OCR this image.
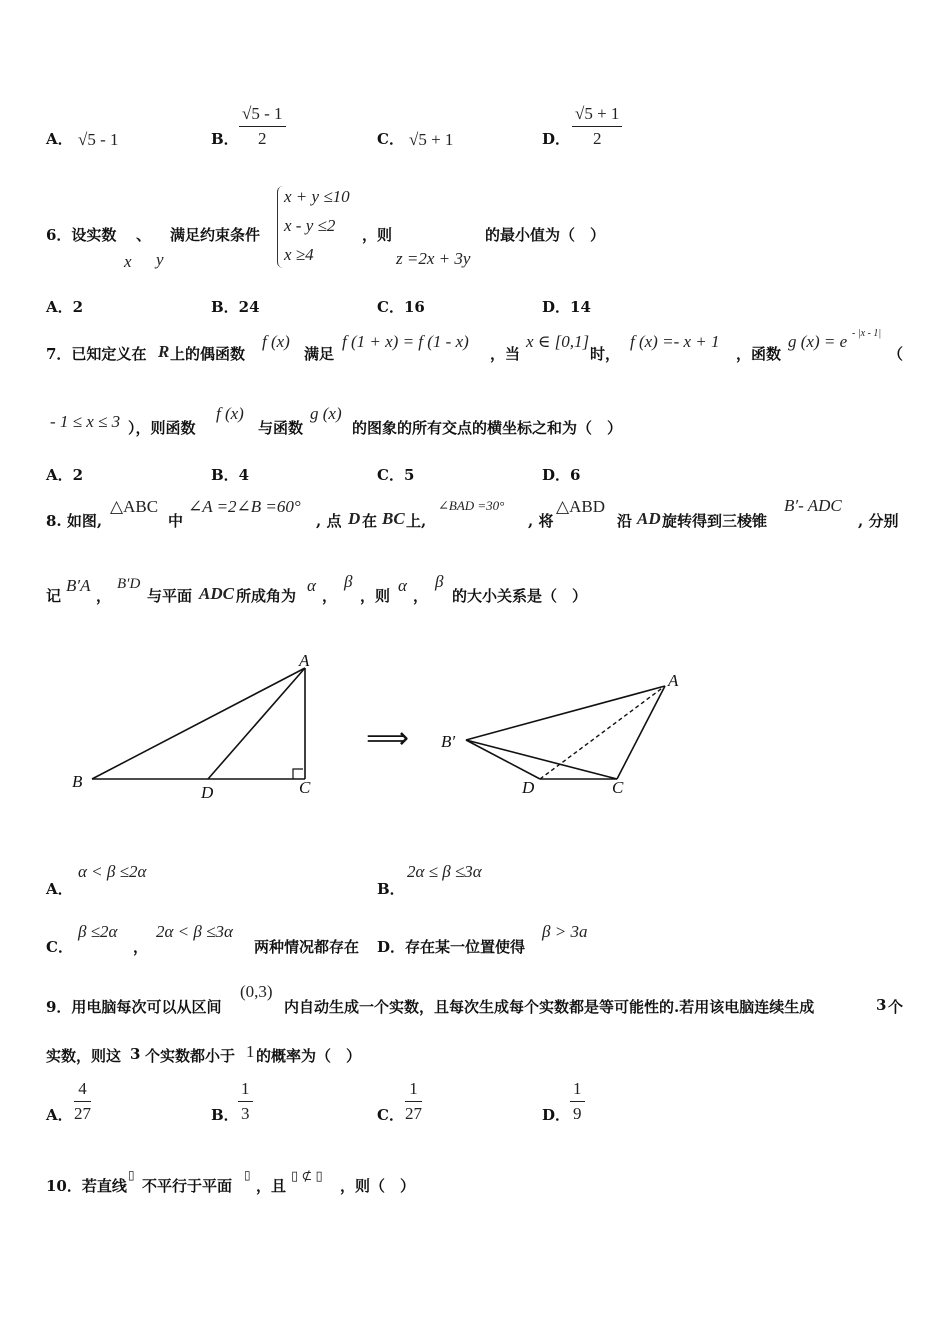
A． √5 - 1	B． $\frac{√5 - 1}{2}$	C． √5 + 1	D． $\frac{√5 + 1}{2}$
6．设实数 、 满足约束条件
x y
x + y ≤10
x - y ≤2
x ≥4
，则
z =2x + 3y
的最小值为（　）
A．2	B．24	C．16	D．14
7．已知定义在 R 上的偶函数
f (x)
满足
f (1 + x) = f (1 - x)
，当
x ∈ [0,1]
时，
f (x) =- x + 1
，函数
g (x) = e - |x - 1|
（
- 1 ≤ x ≤ 3 ），则函数
f (x)
与函数
g (x)
的图象的所有交点的横坐标之和为（　）
A．2	B．4	C．5	D．6
8. 如图,
△ABC
中
∠A =2∠B =60°
, 点 D 在 BC 上,
∠BAD =30°
, 将
△ABD
沿 AD 旋转得到三棱锥
B′- ADC
, 分别
记
B′A
，
B′D
与平面 ADC 所成角为
α
，
β
，则
α
，
β
的大小关系是（　）
B
D	C
A
⟹
A
B′
D	C
A．
α < β ≤2α
B．
2α ≤ β ≤3α
C．
β ≤2α
，
2α < β ≤3α
两种情况都存在 D．存在某一位置使得
β > 3a
9．用电脑每次可以从区间
(0,3)
内自动生成一个实数，且每次生成每个实数都是等可能性的.若用该电脑连续生成	3 个
实数，则这 3 个实数都小于 1 的概率为（　）
A． $\frac{4}{27}$	B． $\frac{1}{3}$	C． $\frac{1}{27}$	D． $\frac{1}{9}$
10．若直线
▯
不平行于平面
▯
，且
▯ ⊄ ▯
，则（　）
